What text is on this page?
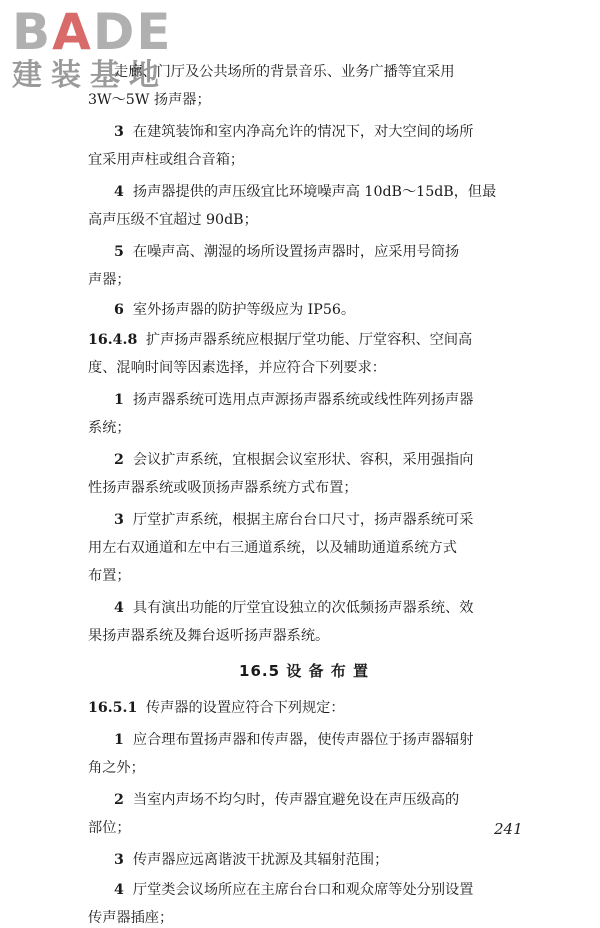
BADE
建装基地
走廊、门厅及公共场所的背景音乐、业务广播等宜采用
3W～5W 扬声器；
3 在建筑装饰和室内净高允许的情况下，对大空间的场所
宜采用声柱或组合音箱；
4 扬声器提供的声压级宜比环境噪声高 10dB～15dB，但最
高声压级不宜超过 90dB；
5 在噪声高、潮湿的场所设置扬声器时，应采用号筒扬
声器；
6 室外扬声器的防护等级应为 IP56。
16.4.8 扩声扬声器系统应根据厅堂功能、厅堂容积、空间高
度、混响时间等因素选择，并应符合下列要求：
1 扬声器系统可选用点声源扬声器系统或线性阵列扬声器
系统；
2 会议扩声系统，宜根据会议室形状、容积，采用强指向
性扬声器系统或吸顶扬声器系统方式布置；
3 厅堂扩声系统，根据主席台台口尺寸，扬声器系统可采
用左右双通道和左中右三通道系统，以及辅助通道系统方式
布置；
4 具有演出功能的厅堂宜设独立的次低频扬声器系统、效
果扬声器系统及舞台返听扬声器系统。
16.5 设 备 布 置
16.5.1 传声器的设置应符合下列规定：
1 应合理布置扬声器和传声器，使传声器位于扬声器辐射
角之外；
2 当室内声场不均匀时，传声器宜避免设在声压级高的
部位；
3 传声器应远离谐波干扰源及其辐射范围；
4 厅堂类会议场所应在主席台台口和观众席等处分别设置
传声器插座；
241
